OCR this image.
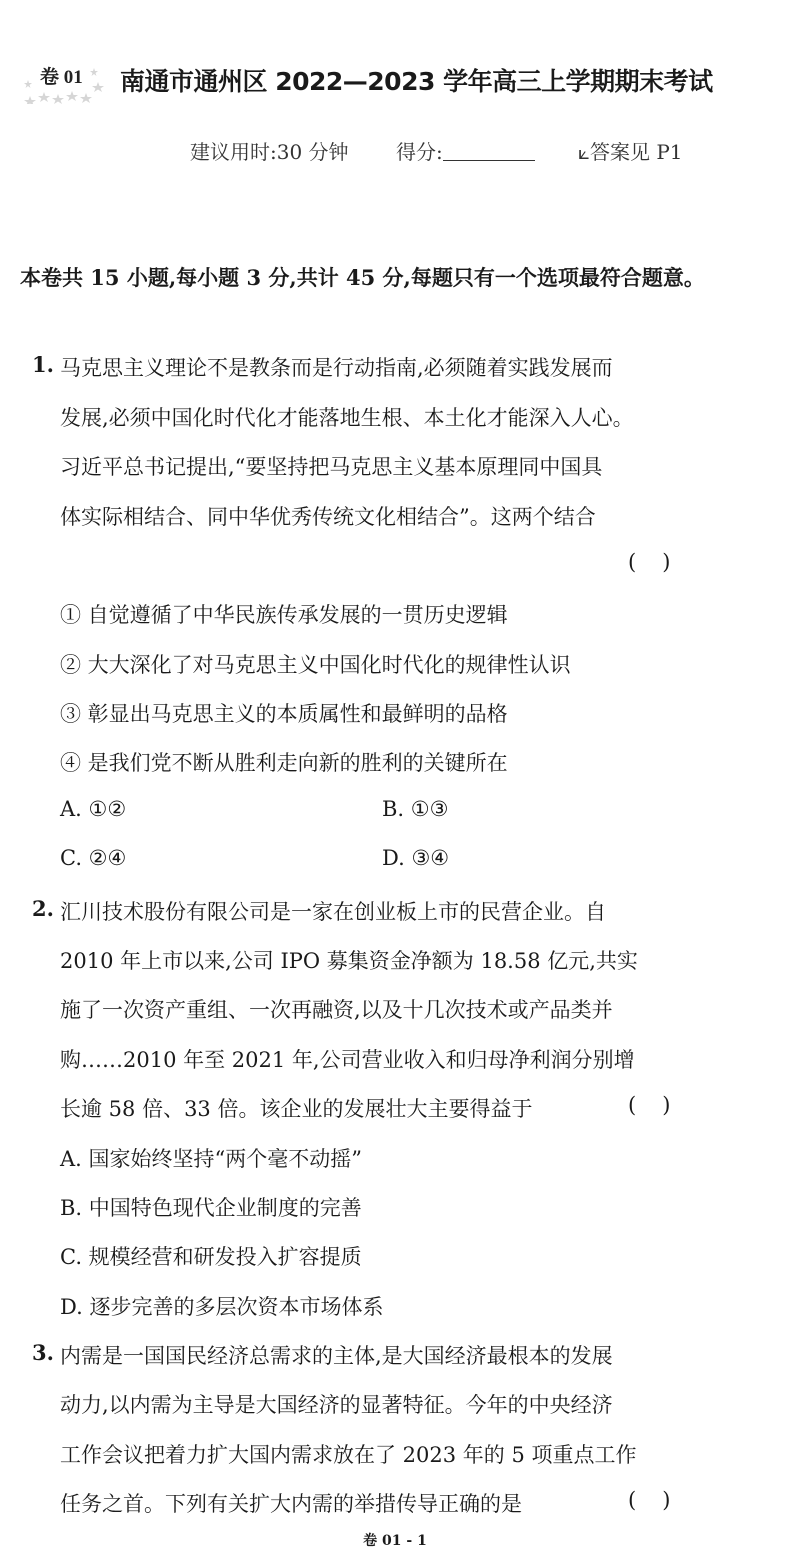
卷 01 南通市通州区 2022—2023 学年高三上学期期末考试
建议用时:30 分钟 得分:	⟀答案见 P1
本卷共 15 小题,每小题 3 分,共计 45 分,每题只有一个选项最符合题意。
1. 马克思主义理论不是教条而是行动指南,必须随着实践发展而
发展,必须中国化时代化才能落地生根、本土化才能深入人心。
习近平总书记提出,“要坚持把马克思主义基本原理同中国具
体实际相结合、同中华优秀传统文化相结合”。这两个结合
()
① 自觉遵循了中华民族传承发展的一贯历史逻辑
② 大大深化了对马克思主义中国化时代化的规律性认识
③ 彰显出马克思主义的本质属性和最鲜明的品格
④ 是我们党不断从胜利走向新的胜利的关键所在
A. ①②	B. ①③
C. ②④	D. ③④
2. 汇川技术股份有限公司是一家在创业板上市的民营企业。自
2010 年上市以来,公司 IPO 募集资金净额为 18.58 亿元,共实
施了一次资产重组、一次再融资,以及十几次技术或产品类并
购……2010 年至 2021 年,公司营业收入和归母净利润分别增
长逾 58 倍、33 倍。该企业的发展壮大主要得益于	()
A. 国家始终坚持“两个毫不动摇”
B. 中国特色现代企业制度的完善
C. 规模经营和研发投入扩容提质
D. 逐步完善的多层次资本市场体系
3. 内需是一国国民经济总需求的主体,是大国经济最根本的发展
动力,以内需为主导是大国经济的显著特征。今年的中央经济
工作会议把着力扩大国内需求放在了 2023 年的 5 项重点工作
任务之首。下列有关扩大内需的举措传导正确的是	()
卷 01 - 1
